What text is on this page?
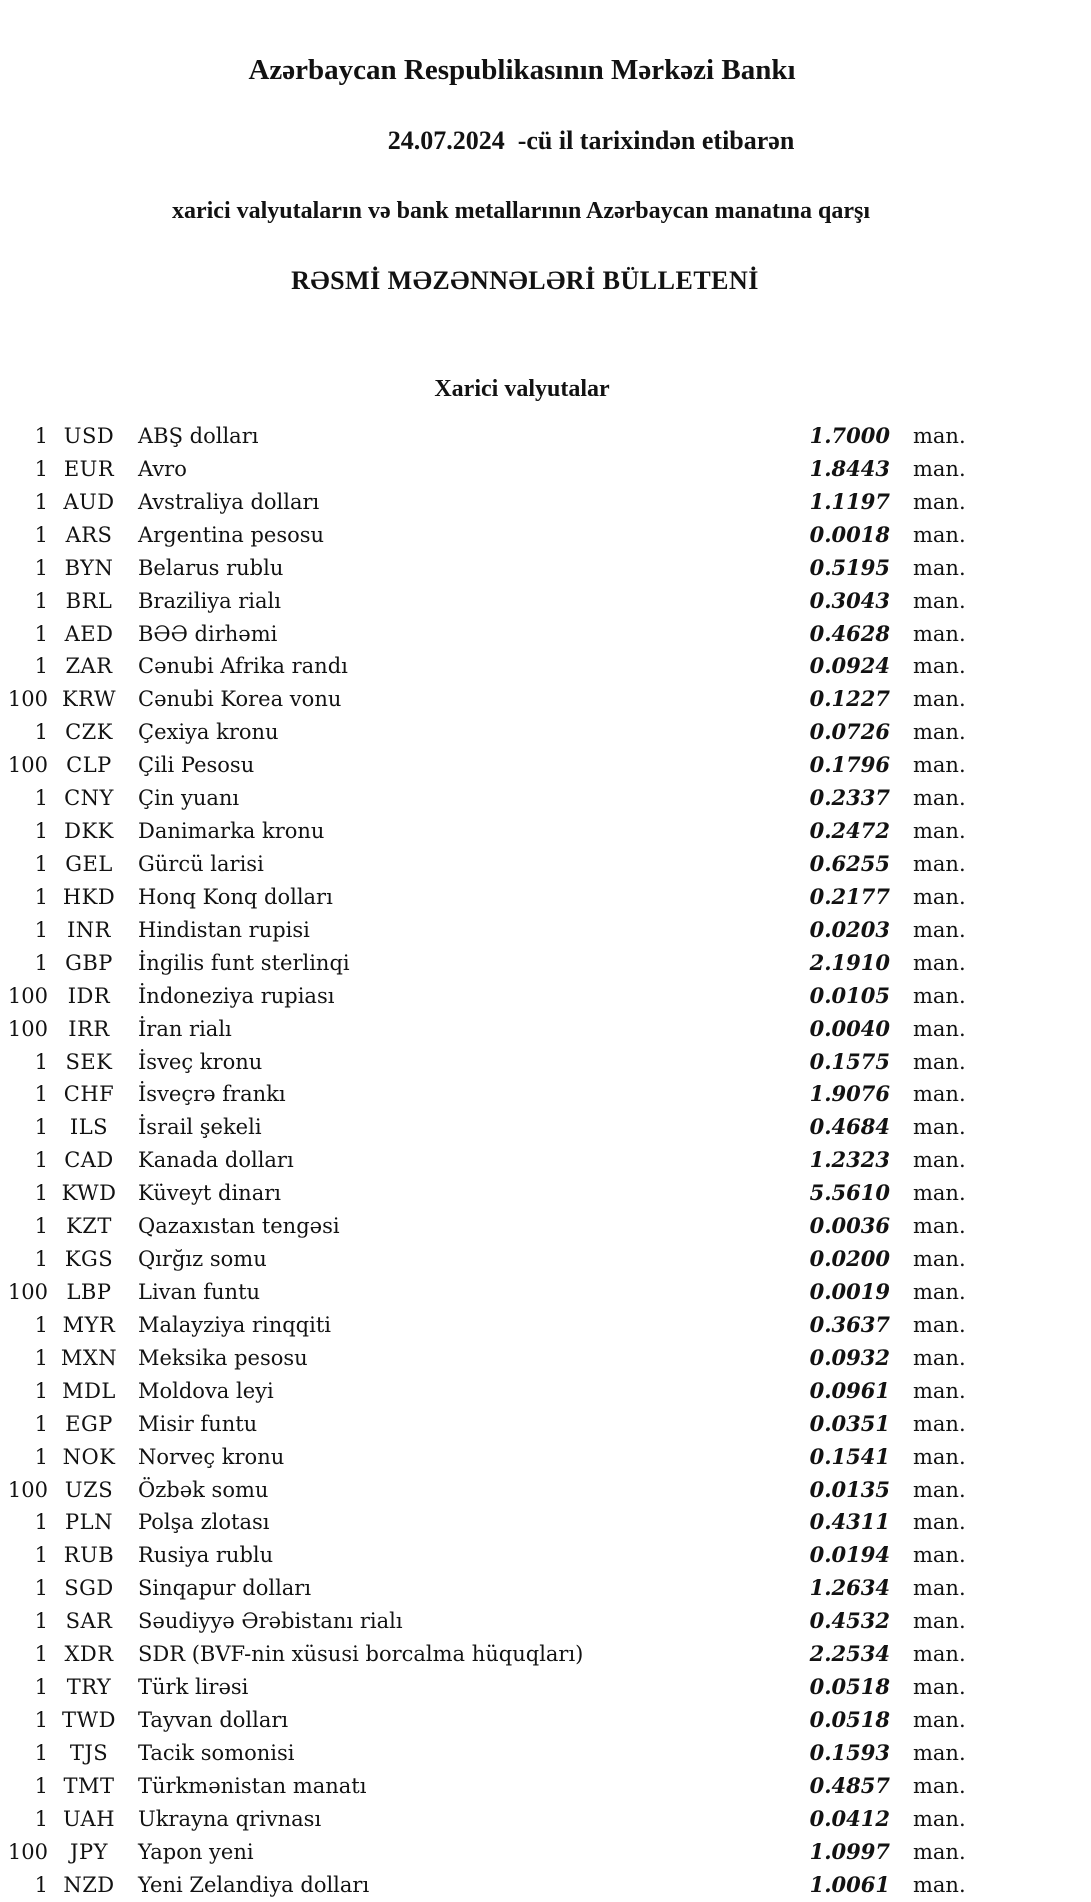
Azərbaycan Respublikasının Mərkəzi Bankı

24.07.2024  -cü il tarixindən etibarən

xarici valyutaların və bank metallarının Azərbaycan manatına qarşı

RƏSMİ MƏZƏNNƏLƏRİ BÜLLETENİ

Xarici valyutalar
1 USD	ABŞ dolları	1.7000	man.
1 EUR	Avro	1.8443	man.
1 AUD	Avstraliya dolları	1.1197	man.
1 ARS	Argentina pesosu	0.0018	man.
1 BYN	Belarus rublu	0.5195	man.
1 BRL	Braziliya rialı	0.3043	man.
1 AED	BƏƏ dirhəmi	0.4628	man.
1 ZAR	Cənubi Afrika randı	0.0924	man.
100 KRW	Cənubi Korea vonu	0.1227	man.
1 CZK	Çexiya kronu	0.0726	man.
100 CLP	Çili Pesosu	0.1796	man.
1 CNY	Çin yuanı	0.2337	man.
1 DKK	Danimarka kronu	0.2472	man.
1 GEL	Gürcü larisi	0.6255	man.
1 HKD	Honq Konq dolları	0.2177	man.
1 INR	Hindistan rupisi	0.0203	man.
1 GBP	İngilis funt sterlinqi	2.1910	man.
100 IDR	İndoneziya rupiası	0.0105	man.
100 IRR	İran rialı	0.0040	man.
1 SEK	İsveç kronu	0.1575	man.
1 CHF	İsveçrə frankı	1.9076	man.
1	ILS	İsrail şekeli	0.4684	man.
1 CAD	Kanada dolları	1.2323	man.
1 KWD	Küveyt dinarı	5.5610	man.
1 KZT	Qazaxıstan tengəsi	0.0036	man.
1 KGS	Qırğız somu	0.0200	man.
100 LBP	Livan funtu	0.0019	man.
1 MYR	Malayziya rinqqiti	0.3637	man.
1 MXN Meksika pesosu	0.0932	man.
1 MDL	Moldova leyi	0.0961	man.
1 EGP	Misir funtu	0.0351	man.
1 NOK	Norveç kronu	0.1541	man.
100 UZS	Özbək somu	0.0135	man.
1 PLN	Polşa zlotası	0.4311	man.
1 RUB	Rusiya rublu	0.0194	man.
1 SGD	Sinqapur dolları	1.2634	man.
1 SAR	Səudiyyə Ərəbistanı rialı	0.4532	man.
1 XDR	SDR (BVF-nin xüsusi borcalma hüquqları)	2.2534	man.
1 TRY	Türk lirəsi	0.0518	man.
1 TWD	Tayvan dolları	0.0518	man.
1	TJS	Tacik somonisi	0.1593	man.
1 TMT	Türkmənistan manatı	0.4857	man.
1 UAH	Ukrayna qrivnası	0.0412	man.
100	JPY	Yapon yeni	1.0997	man.
1 NZD	Yeni Zelandiya dolları	1.0061	man.
